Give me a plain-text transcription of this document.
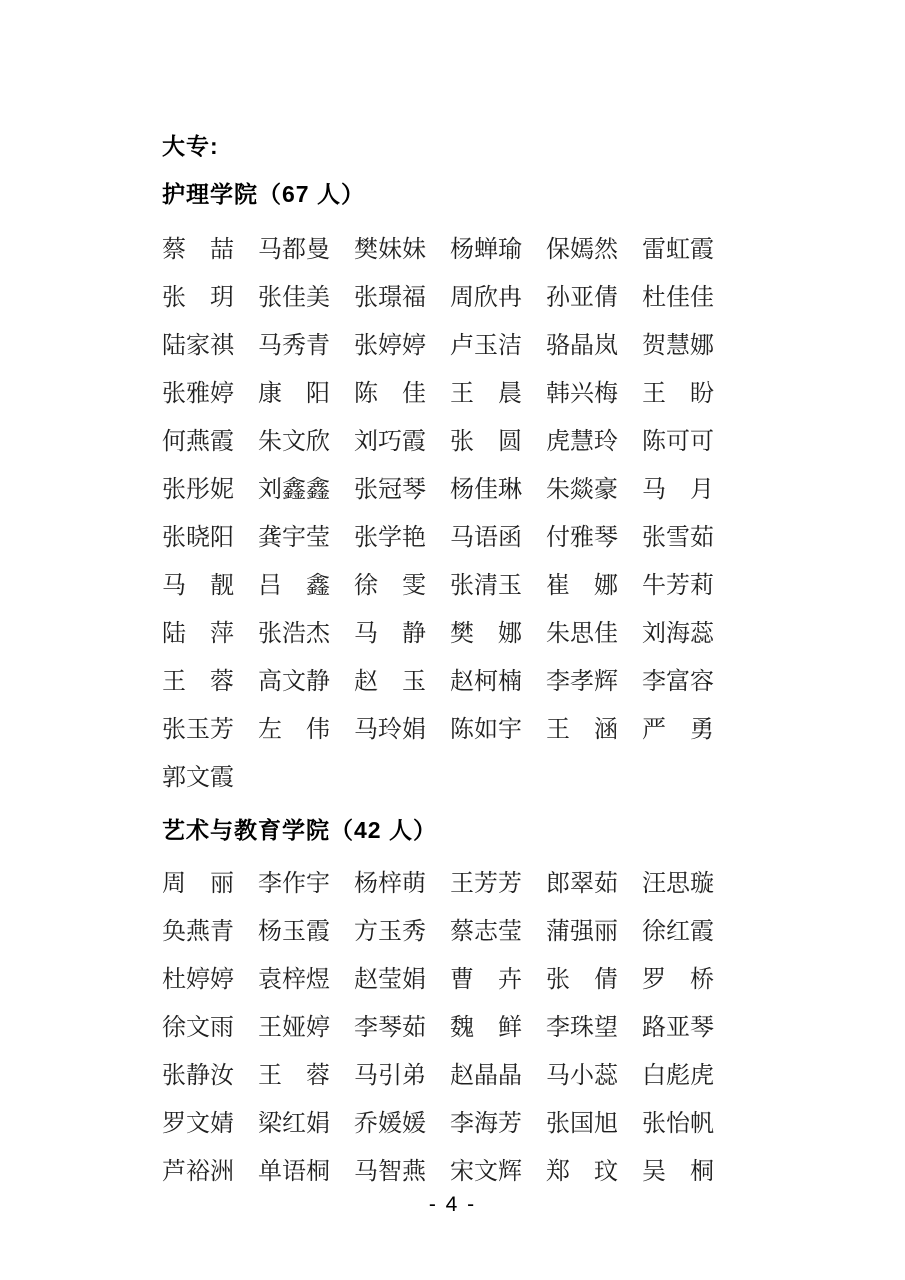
大专:
护理学院（67 人）
蔡 喆 马 都 曼 樊 妹 妹 杨 蝉 瑜 保 嫣 然 雷 虹 霞
张 玥 张 佳 美 张 璟 福 周 欣 冉 孙 亚 倩 杜 佳 佳
陆 家 祺 马 秀 青 张 婷 婷 卢 玉 洁 骆 晶 岚 贺 慧 娜
张 雅 婷 康 阳 陈 佳 王 晨 韩 兴 梅 王 盼
何 燕 霞 朱 文 欣 刘 巧 霞 张 圆 虎 慧 玲 陈 可 可
张 彤 妮 刘 鑫 鑫 张 冠 琴 杨 佳 琳 朱 燚 豪 马 月
张 晓 阳 龚 宇 莹 张 学 艳 马 语 函 付 雅 琴 张 雪 茹
马 靓 吕 鑫 徐 雯 张 清 玉 崔 娜 牛 芳 莉
陆 萍 张 浩 杰 马 静 樊 娜 朱 思 佳 刘 海 蕊
王 蓉 高 文 静 赵 玉 赵 柯 楠 李 孝 辉 李 富 容
张 玉 芳 左 伟 马 玲 娟 陈 如 宇 王 涵 严 勇
郭 文 霞
艺术与教育学院（42 人）
周 丽 李 作 宇 杨 梓 萌 王 芳 芳 郎 翠 茹 汪 思 璇
奂 燕 青 杨 玉 霞 方 玉 秀 蔡 志 莹 蒲 强 丽 徐 红 霞
杜 婷 婷 袁 梓 煜 赵 莹 娟 曹 卉 张 倩 罗 桥
徐 文 雨 王 娅 婷 李 琴 茹 魏 鲜 李 珠 望 路 亚 琴
张 静 汝 王 蓉 马 引 弟 赵 晶 晶 马 小 蕊 白 彪 虎
罗 文 婧 梁 红 娟 乔 媛 媛 李 海 芳 张 国 旭 张 怡 帆
芦 裕 洲 单 语 桐 马 智 燕 宋 文 辉 郑 玟 吴 桐
- 4 -
